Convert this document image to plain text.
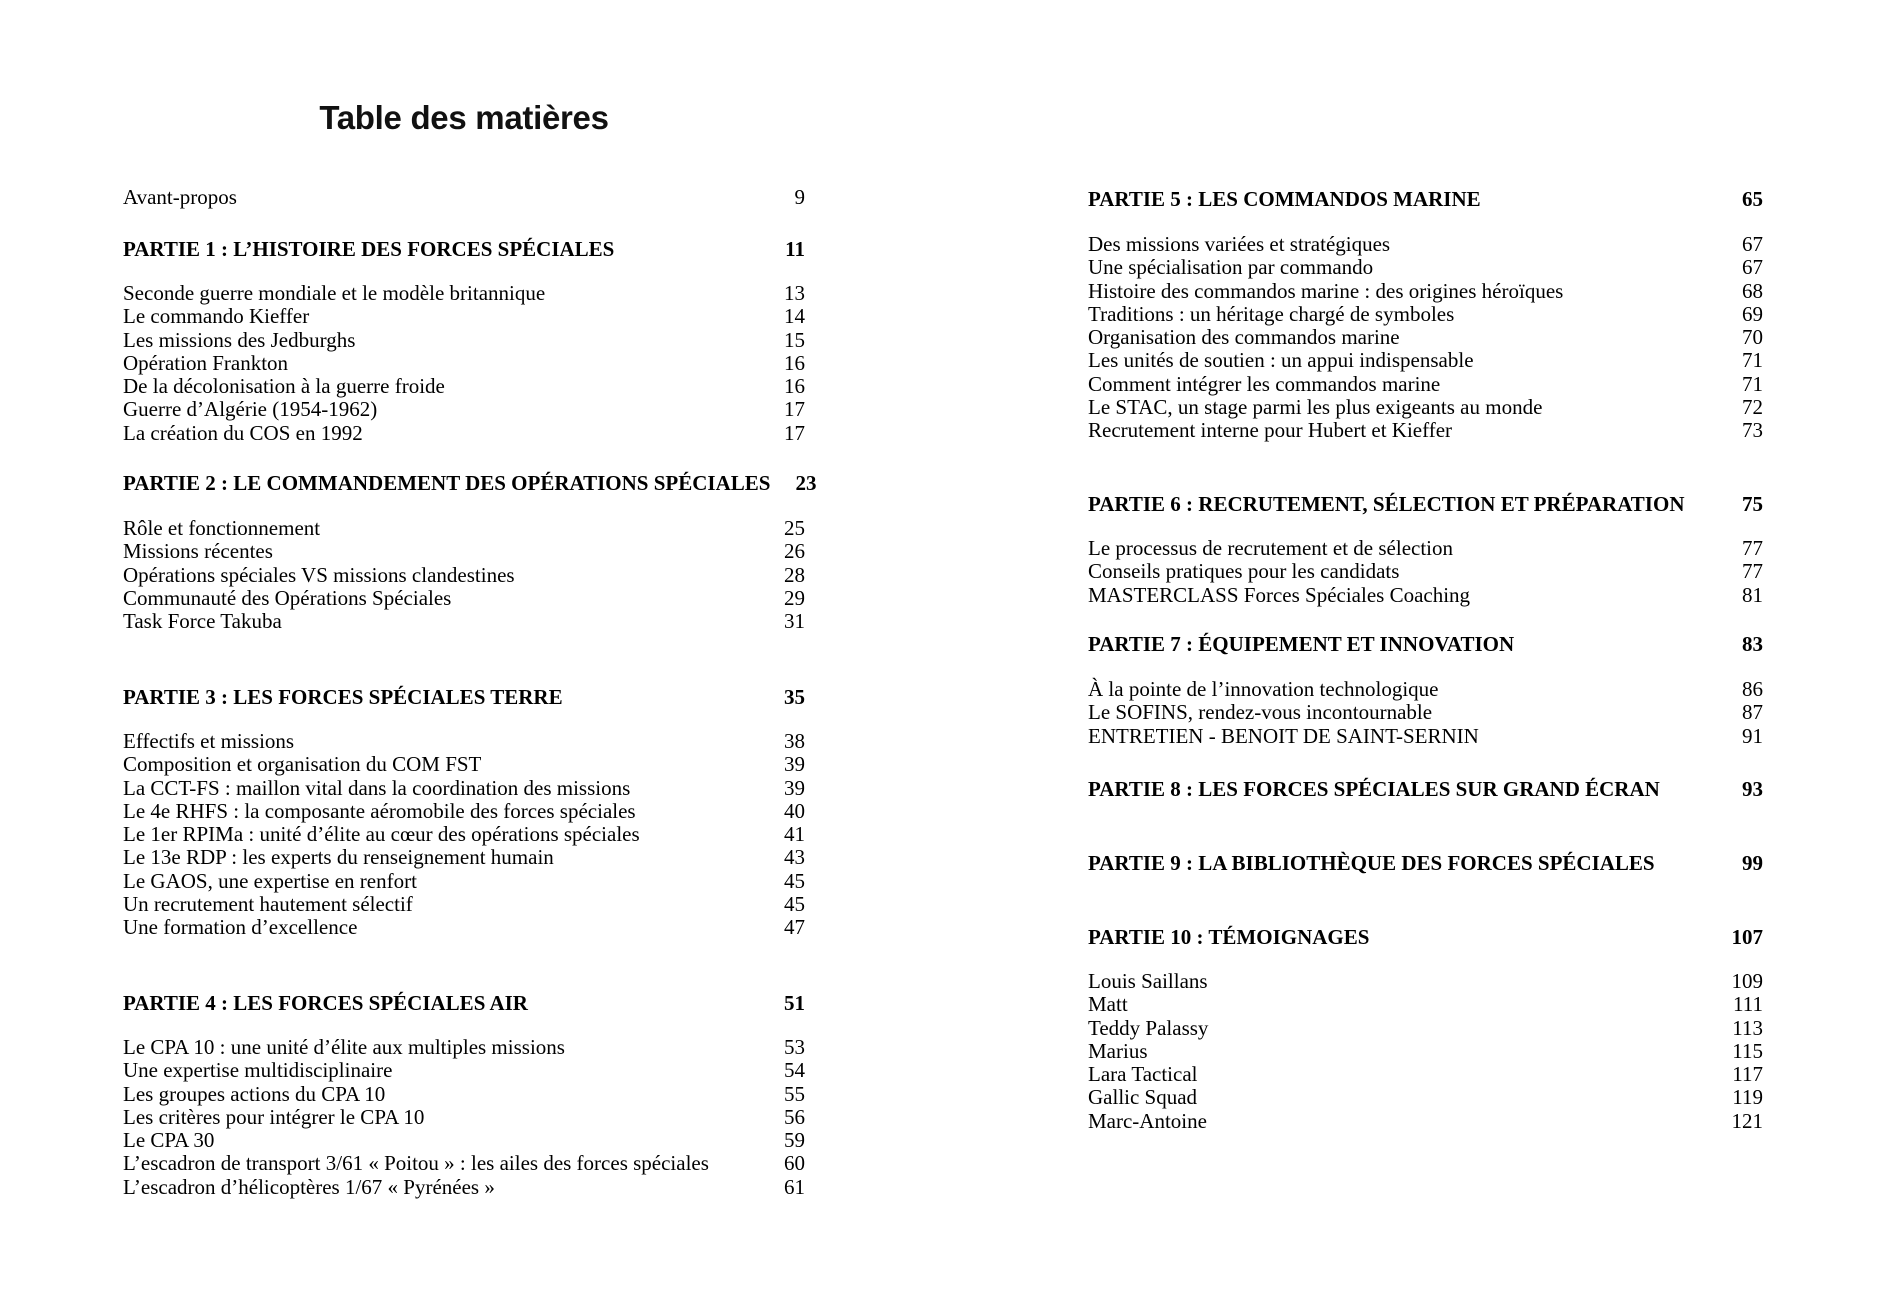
Table des matières
Avant-propos	9
PARTIE 1 : L’HISTOIRE DES FORCES SPÉCIALES	11
Seconde guerre mondiale et le modèle britannique	13
Le commando Kieffer	14
Les missions des Jedburghs	15
Opération Frankton	16
De la décolonisation à la guerre froide	16
Guerre d’Algérie (1954-1962)	17
La création du COS en 1992	17
PARTIE 2 : LE COMMANDEMENT DES OPÉRATIONS SPÉCIALES	23
Rôle et fonctionnement	25
Missions récentes	26
Opérations spéciales VS missions clandestines	28
Communauté des Opérations Spéciales	29
Task Force Takuba	31
PARTIE 3 : LES FORCES SPÉCIALES TERRE	35
Effectifs et missions	38
Composition et organisation du COM FST	39
La CCT-FS : maillon vital dans la coordination des missions	39
Le 4e RHFS : la composante aéromobile des forces spéciales	40
Le 1er RPIMa : unité d’élite au cœur des opérations spéciales	41
Le 13e RDP : les experts du renseignement humain	43
Le GAOS, une expertise en renfort	45
Un recrutement hautement sélectif	45
Une formation d’excellence	47
PARTIE 4 : LES FORCES SPÉCIALES AIR	51
Le CPA 10 : une unité d’élite aux multiples missions	53
Une expertise multidisciplinaire	54
Les groupes actions du CPA 10	55
Les critères pour intégrer le CPA 10	56
Le CPA 30	59
L’escadron de transport 3/61 « Poitou » : les ailes des forces spéciales	60
L’escadron d’hélicoptères 1/67 « Pyrénées »	61
PARTIE 5 : LES COMMANDOS MARINE	65
Des missions variées et stratégiques	67
Une spécialisation par commando	67
Histoire des commandos marine : des origines héroïques	68
Traditions : un héritage chargé de symboles	69
Organisation des commandos marine	70
Les unités de soutien : un appui indispensable	71
Comment intégrer les commandos marine	71
Le STAC, un stage parmi les plus exigeants au monde	72
Recrutement interne pour Hubert et Kieffer	73
PARTIE 6 : RECRUTEMENT, SÉLECTION ET PRÉPARATION	75
Le processus de recrutement et de sélection	77
Conseils pratiques pour les candidats	77
MASTERCLASS Forces Spéciales Coaching	81
PARTIE 7 : ÉQUIPEMENT ET INNOVATION	83
À la pointe de l’innovation technologique	86
Le SOFINS, rendez-vous incontournable	87
ENTRETIEN - BENOIT DE SAINT-SERNIN	91
PARTIE 8 : LES FORCES SPÉCIALES SUR GRAND ÉCRAN	93
PARTIE 9 : LA BIBLIOTHÈQUE DES FORCES SPÉCIALES	99
PARTIE 10 : TÉMOIGNAGES	107
Louis Saillans	109
Matt	111
Teddy Palassy	113
Marius	115
Lara Tactical	117
Gallic Squad	119
Marc-Antoine	121
